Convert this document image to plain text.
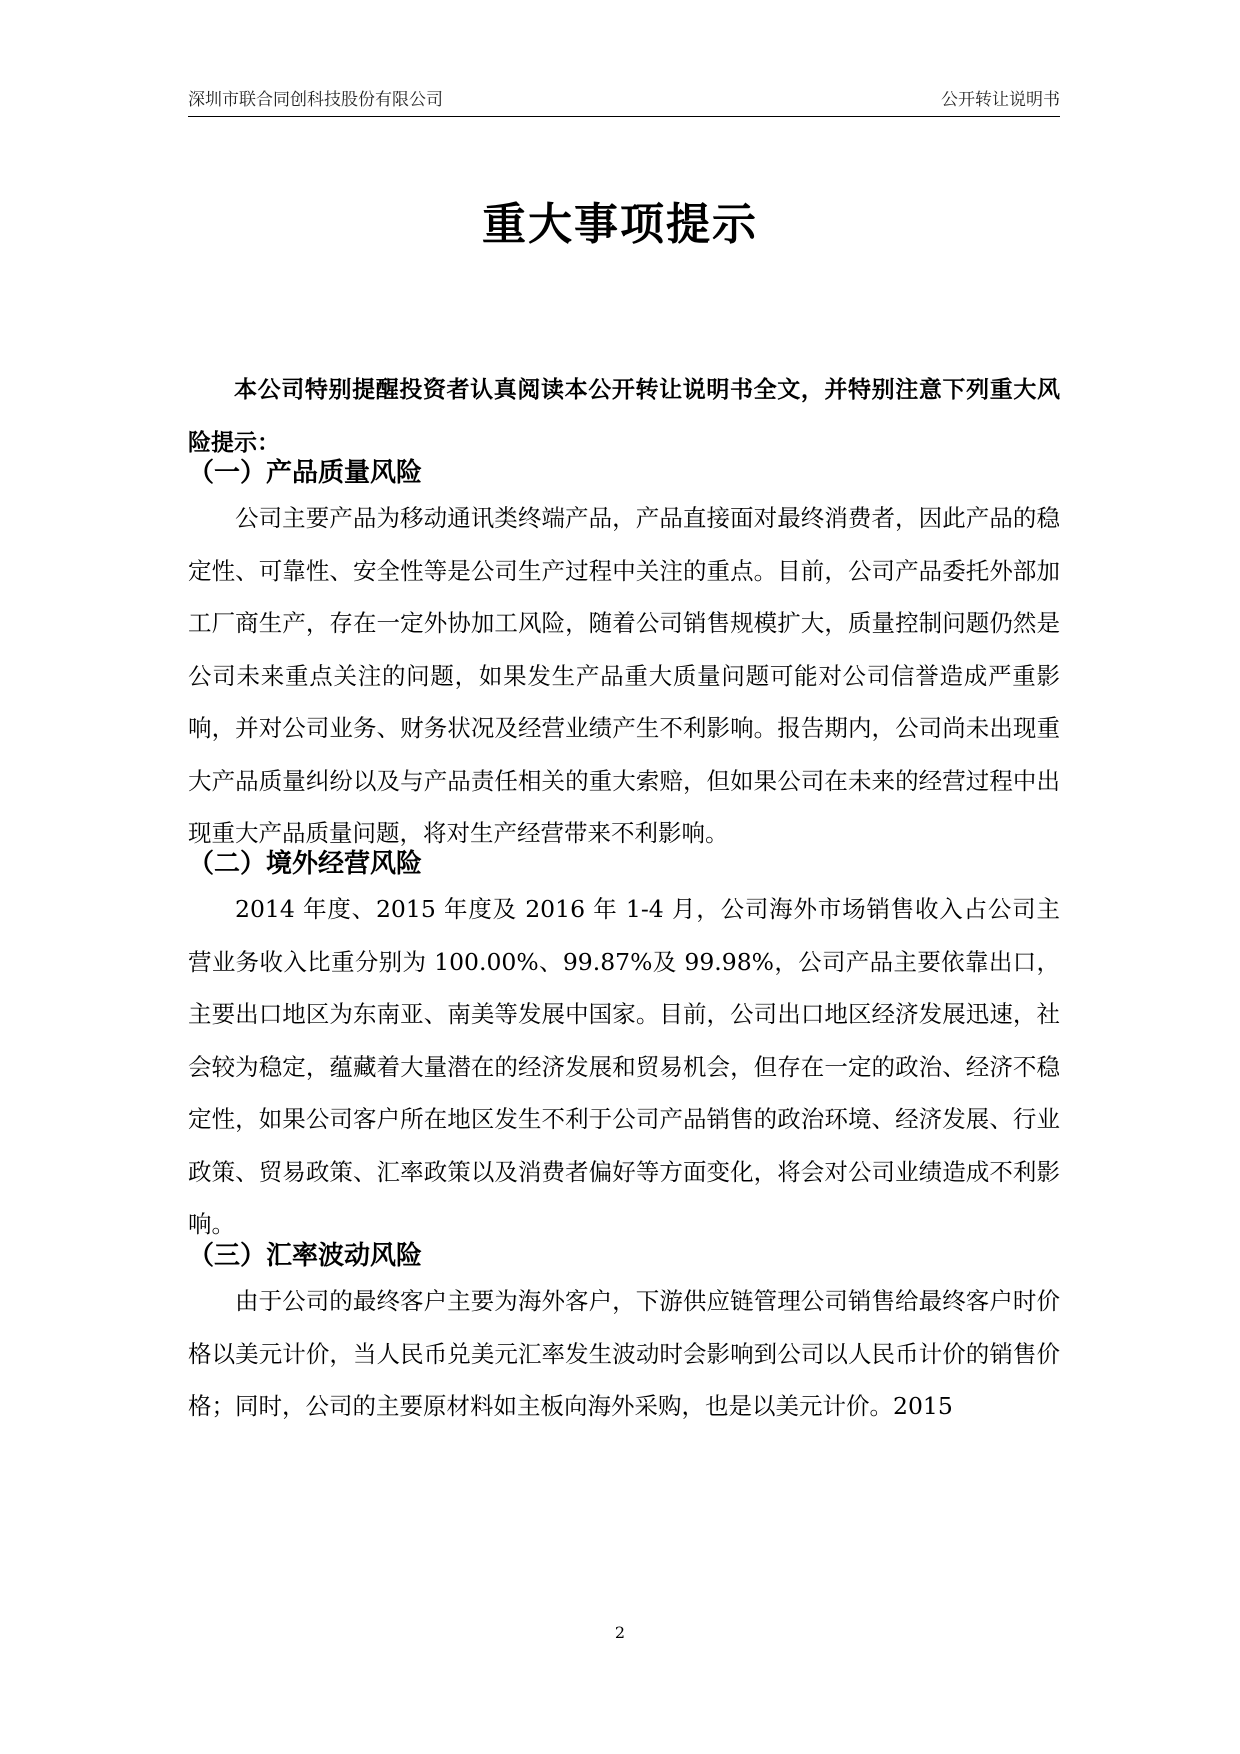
深圳市联合同创科技股份有限公司	公开转让说明书
重大事项提示

本公司特别提醒投资者认真阅读本公开转让说明书全文，并特别注意下列重大风险提示：

（一）产品质量风险

公司主要产品为移动通讯类终端产品，产品直接面对最终消费者，因此产品的稳定性、可靠性、安全性等是公司生产过程中关注的重点。目前，公司产品委托外部加工厂商生产，存在一定外协加工风险，随着公司销售规模扩大，质量控制问题仍然是公司未来重点关注的问题，如果发生产品重大质量问题可能对公司信誉造成严重影响，并对公司业务、财务状况及经营业绩产生不利影响。报告期内，公司尚未出现重大产品质量纠纷以及与产品责任相关的重大索赔，但如果公司在未来的经营过程中出现重大产品质量问题，将对生产经营带来不利影响。

（二）境外经营风险

2014 年度、2015 年度及 2016 年 1-4 月，公司海外市场销售收入占公司主营业务收入比重分别为 100.00%、99.87%及 99.98%，公司产品主要依靠出口，主要出口地区为东南亚、南美等发展中国家。目前，公司出口地区经济发展迅速，社会较为稳定，蕴藏着大量潜在的经济发展和贸易机会，但存在一定的政治、经济不稳定性，如果公司客户所在地区发生不利于公司产品销售的政治环境、经济发展、行业政策、贸易政策、汇率政策以及消费者偏好等方面变化，将会对公司业绩造成不利影响。

（三）汇率波动风险

由于公司的最终客户主要为海外客户，下游供应链管理公司销售给最终客户时价格以美元计价，当人民币兑美元汇率发生波动时会影响到公司以人民币计价的销售价格；同时，公司的主要原材料如主板向海外采购，也是以美元计价。2015

2
